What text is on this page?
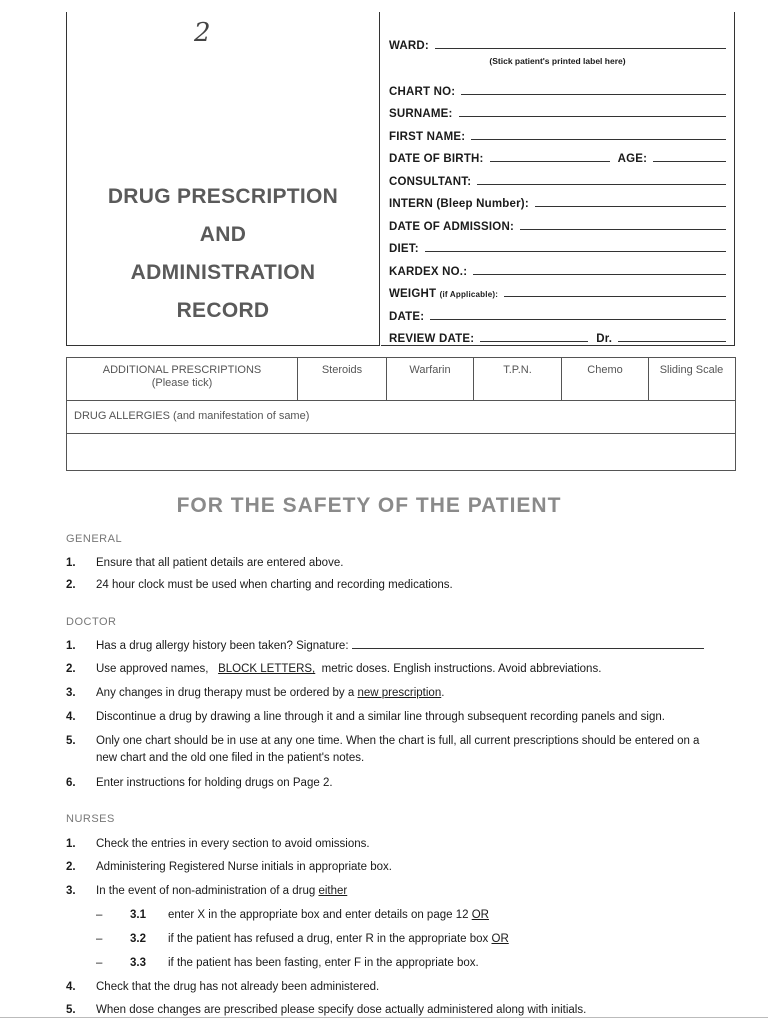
2
DRUG PRESCRIPTION
AND
ADMINISTRATION
RECORD
WARD:
(Stick patient's printed label here)
CHART NO:
SURNAME:
FIRST NAME:
DATE OF BIRTH:	AGE:
CONSULTANT:
INTERN (Bleep Number):
DATE OF ADMISSION:
DIET:
KARDEX NO.:
WEIGHT (if Applicable):
DATE:
REVIEW DATE:	Dr.
ADDITIONAL PRESCRIPTIONS
(Please tick)
Steroids	Warfarin	T.P.N.	Chemo	Sliding Scale
DRUG ALLERGIES (and manifestation of same)
FOR THE SAFETY OF THE PATIENT
GENERAL
1. Ensure that all patient details are entered above.
2. 24 hour clock must be used when charting and recording medications.
DOCTOR
1. Has a drug allergy history been taken? Signature:
2. Use approved names, BLOCK LETTERS, metric doses. English instructions. Avoid abbreviations.
3. Any changes in drug therapy must be ordered by a new prescription.
4. Discontinue a drug by drawing a line through it and a similar line through subsequent recording panels and sign.
5. Only one chart should be in use at any one time. When the chart is full, all current prescriptions should be entered on a new chart and the old one filed in the patient's notes.
6. Enter instructions for holding drugs on Page 2.
NURSES
1. Check the entries in every section to avoid omissions.
2. Administering Registered Nurse initials in appropriate box.
3. In the event of non-administration of a drug either
– 3.1 enter X in the appropriate box and enter details on page 12 OR
– 3.2 if the patient has refused a drug, enter R in the appropriate box OR
– 3.3 if the patient has been fasting, enter F in the appropriate box.
4. Check that the drug has not already been administered.
5. When dose changes are prescribed please specify dose actually administered along with initials.
